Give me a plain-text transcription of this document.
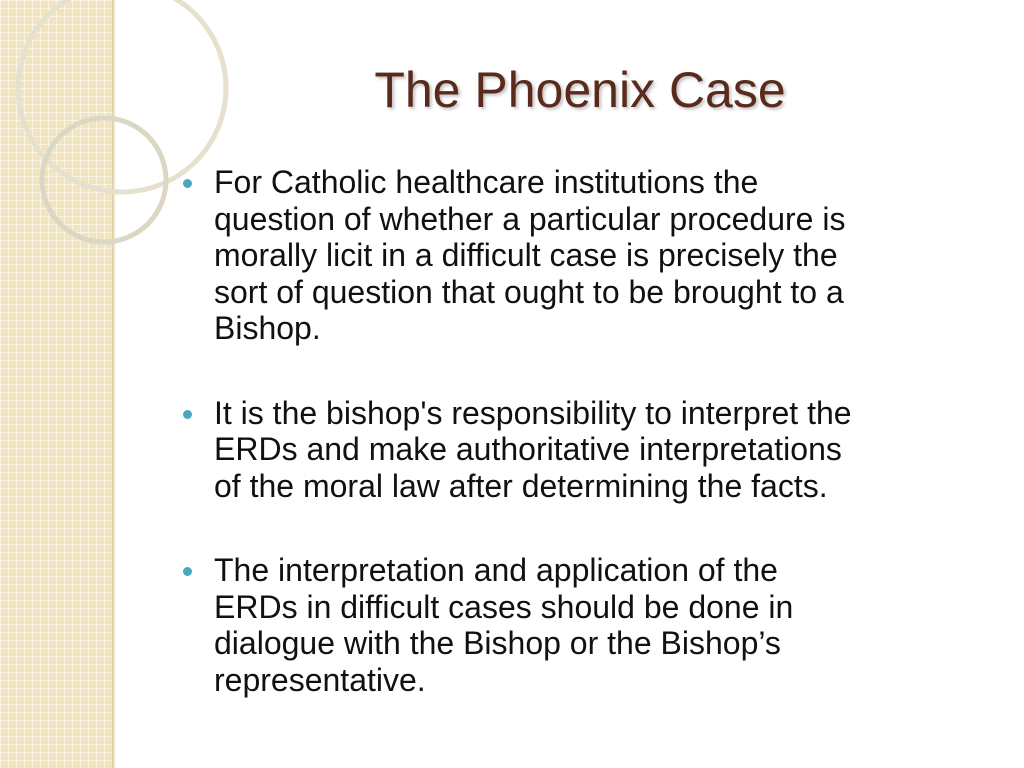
The Phoenix Case
For Catholic healthcare institutions the
question of whether a particular procedure is
morally licit in a difficult case is precisely the
sort of question that ought to be brought to a
Bishop.
It is the bishop's responsibility to interpret the
ERDs and make authoritative interpretations
of the moral law after determining the facts.
The interpretation and application of the
ERDs in difficult cases should be done in
dialogue with the Bishop or the Bishop’s
representative.
